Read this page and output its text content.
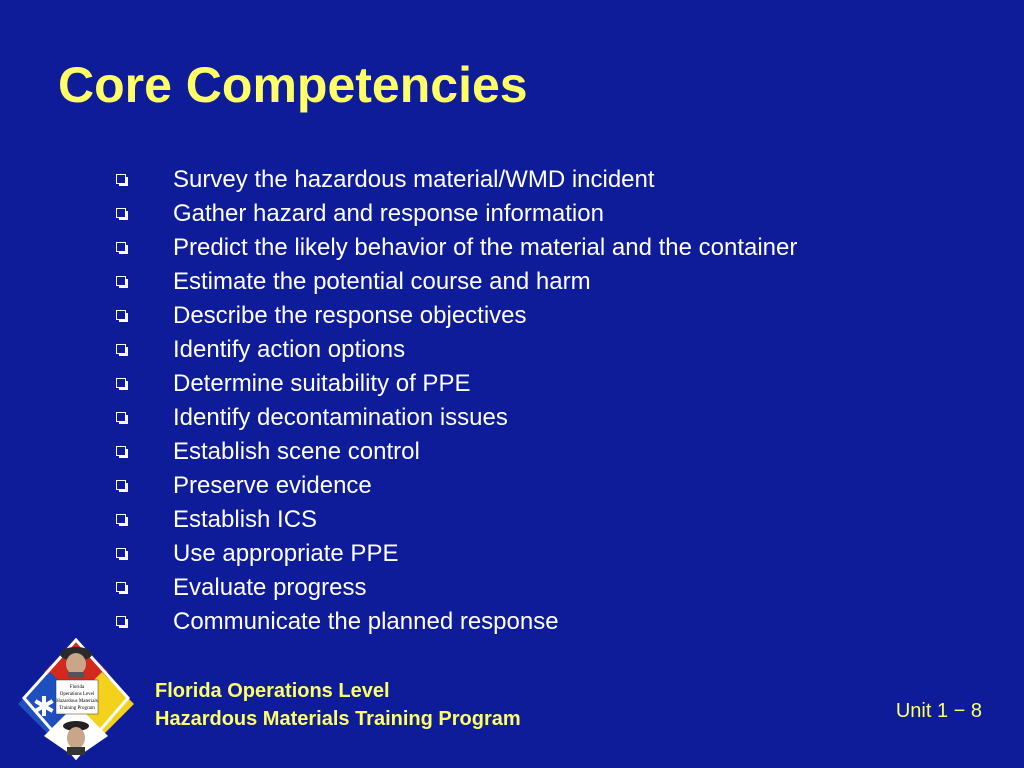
Core Competencies
Survey the hazardous material/WMD incident
Gather hazard and response information
Predict the likely behavior of the material and the container
Estimate the potential course and harm
Describe the response objectives
Identify action options
Determine suitability of PPE
Identify decontamination issues
Establish scene control
Preserve evidence
Establish ICS
Use appropriate PPE
Evaluate progress
Communicate the planned response
Florida
Operations Level
Hazardous Materials
Training Program
Florida Operations Level
Hazardous Materials Training Program	Unit 1 − 8
